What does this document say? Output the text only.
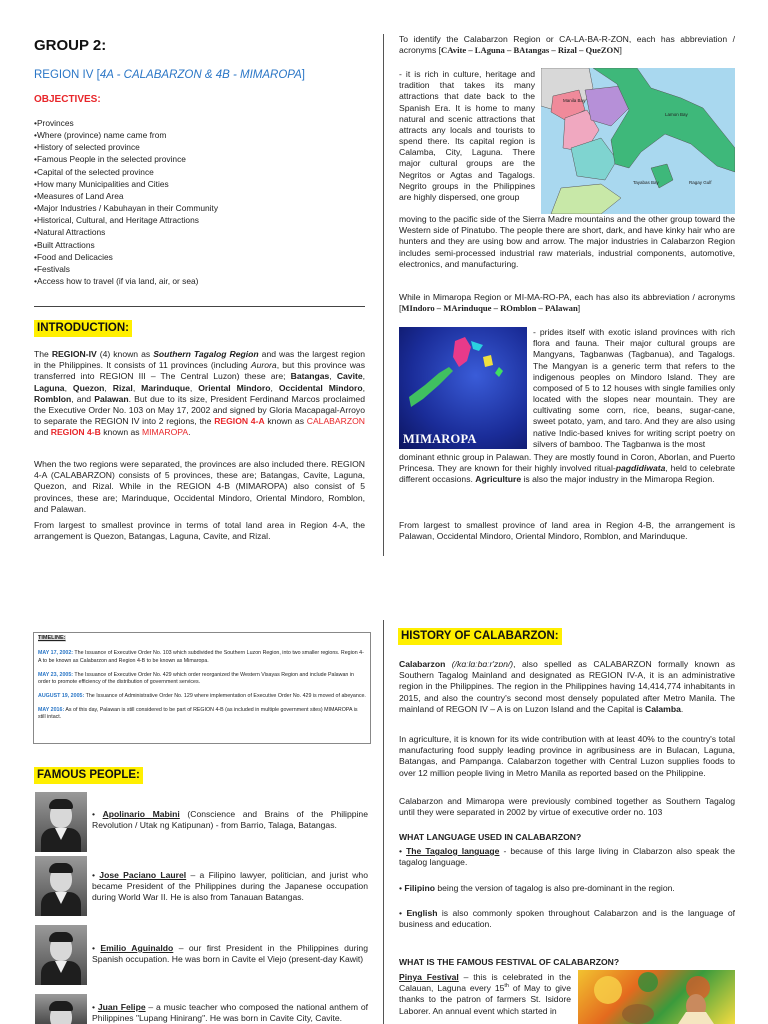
GROUP 2:
REGION IV [4A - CALABARZON & 4B - MIMAROPA]
OBJECTIVES:
• Provinces
• Where (province) name came from
• History of selected province
• Famous People in the selected province
• Capital of the selected province
• How many Municipalities and Cities
• Measures of Land Area
• Major Industries / Kabuhayan in their Community
• Historical, Cultural, and Heritage Attractions
• Natural Attractions
• Built Attractions
• Food and Delicacies
• Festivals
• Access how to travel (if via land, air, or sea)
INTRODUCTION:

The REGION-IV (4) known as Southern Tagalog Region and was the largest region in the Philippines. It consists of 11 provinces (including Aurora, but this province was transferred into REGION III – The Central Luzon) these are; Batangas, Cavite, Laguna, Quezon, Rizal, Marinduque, Oriental Mindoro, Occidental Mindoro, Romblon, and Palawan. But due to its size, President Ferdinand Marcos proclaimed the Executive Order No. 103 on May 17, 2002 and signed by Gloria Macapagal-Arroyo to separate the REGION IV into 2 regions, the REGION 4-A known as CALABARZON and REGION 4-B known as MIMAROPA.

When the two regions were separated, the provinces are also included there. REGION 4-A (CALABARZON) consists of 5 provinces, these are; Batangas, Cavite, Laguna, Quezon, and Rizal. While in the REGION 4-B (MIMAROPA) also consist of 5 provinces, these are; Marinduque, Occidental Mindoro, Oriental Mindoro, Romblon, and Palawan.

From largest to smallest province in terms of total land area in Region 4-A, the arrangement is Quezon, Batangas, Laguna, Cavite, and Rizal.

To identify the Calabarzon Region or CA-LA-BA-R-ZON, each has abbreviation / acronyms [CAvite – LAguna – BAtangas – Rizal – QueZON]

- it is rich in culture, heritage and tradition that takes its many attractions that date back to the Spanish Era. It is home to many natural and scenic attractions that attracts any locals and tourists to spend there. Its capital region is Calamba, City, Laguna. There major cultural groups are the Negritos or Agtas and Tagalogs. Negrito groups in the Philippines are highly dispersed, one group

Manila Bay
Lamon Bay
Tayabas Bay	Ragay Gulf

moving to the pacific side of the Sierra Madre mountains and the other group toward the Western side of Pinatubo. The people there are short, dark, and have kinky hair who are hunters and they are using bow and arrow. The major industries in Calabarzon Region includes semi-processed industrial raw materials, industrial components, automotive, electronics, and manufacturing.

While in Mimaropa Region or MI-MA-RO-PA, each has also its abbreviation / acronyms [MIndoro – MArinduque – ROmblon – PAlawan]

MIMAROPA

- prides itself with exotic island provinces with rich flora and fauna. Their major cultural groups are Mangyans, Tagbanwas (Tagbanua), and Tagalogs. The Mangyan is a generic term that refers to the indigenous peoples on Mindoro Island. They are composed of 5 to 12 houses with single families only located with the slopes near mountain. They are cultivating some corn, rice, beans, sugar-cane, sweet potato, yam, and taro. And they are also using native Indic-based knives for writing script poetry on silvers of bamboo. The Tagbanwa is the most

dominant ethnic group in Palawan. They are mostly found in Coron, Aborlan, and Puerto Princesa. They are known for their highly involved ritual-pagdidiwata, held to celebrate different occasions. Agriculture is also the major industry in the Mimaropa Region.

From largest to smallest province of land area in Region 4-B, the arrangement is Palawan, Occidental Mindoro, Oriental Mindoro, Romblon, and Marinduque.

TIMELINE:
MAY 17, 2002: The Issuance of Executive Order No. 103 which subdivided the Southern Luzon Region, into two smaller regions. Region 4-A to be known as Calabarzon and Region 4-B to be known as Mimaropa.
MAY 23, 2005: The Issuance of Executive Order No. 429 which order reorganized the Western Visayas Region and include Palawan in order to promote efficiency of the distribution of government services.
AUGUST 19, 2005: The Issuance of Administrative Order No. 129 where implementation of Executive Order No. 429 is moved of abeyance.
MAY 2016: As of this day, Palawan is still considered to be part of REGION 4-B (as included in multiple government sites) MIMAROPA is still intact.
FAMOUS PEOPLE:

• Apolinario Mabini (Conscience and Brains of the Philippine Revolution / Utak ng Katipunan) - from Barrio, Talaga, Batangas.

• Jose Paciano Laurel – a Filipino lawyer, politician, and jurist who became President of the Philippines during the Japanese occupation during World War II. He is also from Tanauan Batangas.

• Emilio Aguinaldo – our first President in the Philippines during Spanish occupation. He was born in Cavite el Viejo (present-day Kawit)

• Juan Felipe – a music teacher who composed the national anthem of Philippines "Lupang Hinirang". He was born in Cavite City, Cavite.

HISTORY OF CALABARZON:

Calabarzon (/kɑːlɑːbɑːr'zɒn/), also spelled as CALABARZON formally known as Southern Tagalog Mainland and designated as REGION IV-A, it is an administrative region in the Philippines. The region in the Philippines having 14,414,774 inhabitants in 2015, and also the country's second most densely populated after Metro Manila. The mainland of REGON IV – A is on Luzon Island and the Capital is Calamba.

In agriculture, it is known for its wide contribution with at least 40% to the country's total manufacturing food supply leading province in agribusiness are in Bulacan, Laguna, Batangas, and Pampanga. Calabarzon together with Central Luzon supplies foods to over 12 million people living in Metro Manila as reported based on the Philippine.

Calabarzon and Mimaropa were previously combined together as Southern Tagalog until they were separated in 2002 by virtue of executive order no. 103

WHAT LANGUAGE USED IN CALABARZON?

• The Tagalog language - because of this large living in Clabarzon also speak the tagalog language.

• Filipino being the version of tagalog is also pre-dominant in the region.

• English is also commonly spoken throughout Calabarzon and is the language of business and education.

WHAT IS THE FAMOUS FESTIVAL OF CALABARZON?

Pinya Festival – this is celebrated in the Calauan, Laguna every 15th of May to give thanks to the patron of farmers St. Isidore Laborer. An annual event which started in
